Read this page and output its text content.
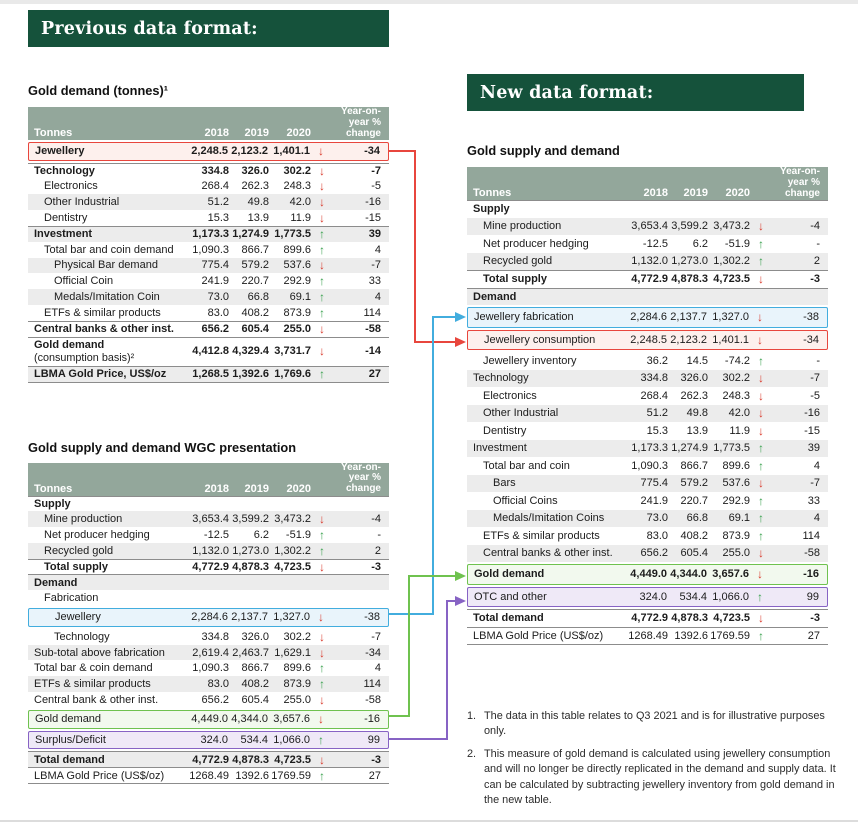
Previous data format:
Gold demand (tonnes)¹
Tonnes	2018	2019	2020
Year-on-year % change
Jewellery	2,248.5 2,123.2 1,401.1 ↓	-34
Technology	334.8	326.0	302.2 ↓	-7
Electronics	268.4	262.3	248.3 ↓	-5
Other Industrial	51.2	49.8	42.0 ↓	-16
Dentistry	15.3	13.9	11.9 ↓	-15
Investment	1,173.3 1,274.9 1,773.5 ↑	39
Total bar and coin demand	1,090.3	866.7	899.6 ↑	4
Physical Bar demand	775.4	579.2	537.6 ↓	-7
Official Coin	241.9	220.7	292.9 ↑	33
Medals/Imitation Coin	73.0	66.8	69.1 ↑	4
ETFs & similar products	83.0	408.2	873.9 ↑	114
Central banks & other inst.	656.2	605.4	255.0 ↓	-58
Gold demand
(consumption basis)²
4,412.8 4,329.4 3,731.7 ↓	-14
LBMA Gold Price, US$/oz	1,268.5 1,392.6 1,769.6 ↑	27
Gold supply and demand WGC presentation
Tonnes	2018	2019	2020
Year-on-year % change
Supply
Mine production	3,653.4 3,599.2 3,473.2 ↓	-4
Net producer hedging	-12.5	6.2	-51.9 ↑	-
Recycled gold	1,132.0 1,273.0 1,302.2 ↑	2
Total supply	4,772.9 4,878.3 4,723.5 ↓	-3
Demand
Fabrication
Jewellery	2,284.6 2,137.7 1,327.0 ↓	-38
Technology	334.8	326.0	302.2 ↓	-7
Sub-total above fabrication	2,619.4 2,463.7 1,629.1 ↓	-34
Total bar & coin demand	1,090.3	866.7	899.6 ↑	4
ETFs & similar products	83.0	408.2	873.9 ↑	114
Central bank & other inst.	656.2	605.4	255.0 ↓	-58
Gold demand	4,449.0 4,344.0 3,657.6 ↓	-16
Surplus/Deficit	324.0	534.4 1,066.0 ↑	99
Total demand	4,772.9 4,878.3 4,723.5 ↓	-3
LBMA Gold Price (US$/oz)	1268.49 1392.6 1769.59 ↑	27
New data format:
Gold supply and demand
Tonnes	2018	2019	2020
Year-on-year % change
Supply
Mine production	3,653.4 3,599.2 3,473.2 ↓	-4
Net producer hedging	-12.5	6.2	-51.9 ↑	-
Recycled gold	1,132.0 1,273.0 1,302.2 ↑	2
Total supply	4,772.9 4,878.3 4,723.5 ↓	-3
Demand
Jewellery fabrication	2,284.6 2,137.7 1,327.0 ↓	-38
Jewellery consumption	2,248.5 2,123.2 1,401.1 ↓	-34
Jewellery inventory	36.2	14.5	-74.2 ↑	-
Technology	334.8	326.0	302.2 ↓	-7
Electronics	268.4	262.3	248.3 ↓	-5
Other Industrial	51.2	49.8	42.0 ↓	-16
Dentistry	15.3	13.9	11.9 ↓	-15
Investment	1,173.3 1,274.9 1,773.5 ↑	39
Total bar and coin	1,090.3	866.7	899.6 ↑	4
Bars	775.4	579.2	537.6 ↓	-7
Official Coins	241.9	220.7	292.9 ↑	33
Medals/Imitation Coins	73.0	66.8	69.1 ↑	4
ETFs & similar products	83.0	408.2	873.9 ↑	114
Central banks & other inst.	656.2	605.4	255.0 ↓	-58
Gold demand	4,449.0 4,344.0 3,657.6 ↓	-16
OTC and other	324.0	534.4 1,066.0 ↑	99
Total demand	4,772.9 4,878.3 4,723.5 ↓	-3
LBMA Gold Price (US$/oz)	1268.49 1392.6 1769.59 ↑	27
1. The data in this table relates to Q3 2021 and is for illustrative purposes only.
2. This measure of gold demand is calculated using jewellery consumption and will no longer be directly replicated in the demand and supply data. It can be calculated by subtracting jewellery inventory from gold demand in the new table.
